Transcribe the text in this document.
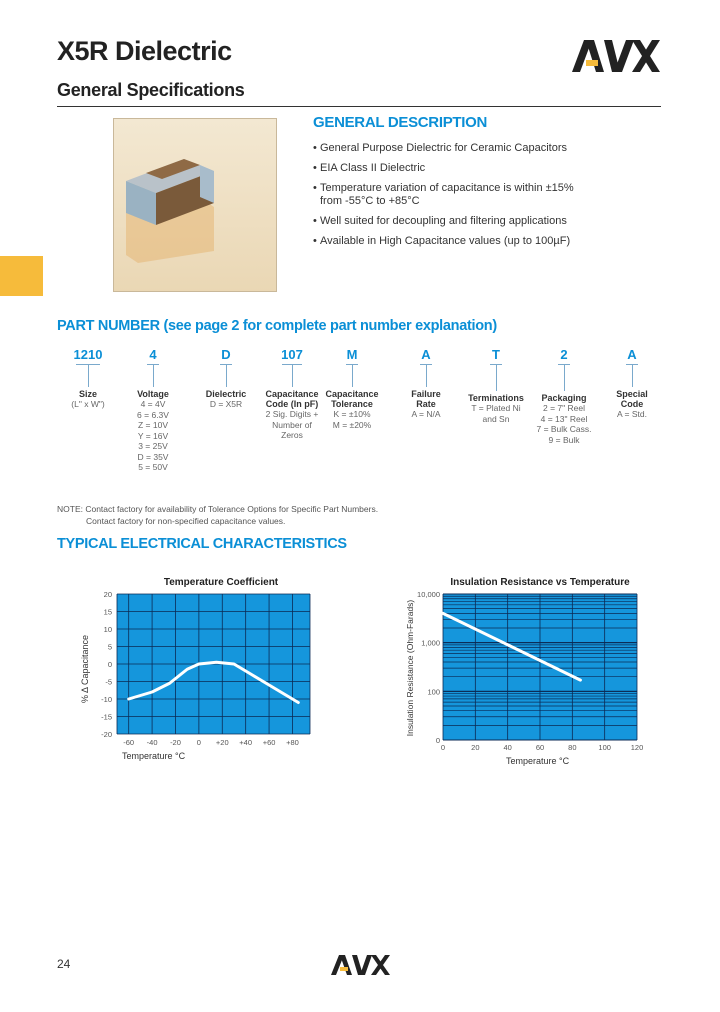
X5R Dielectric
General Specifications
GENERAL DESCRIPTION
• General Purpose Dielectric for Ceramic Capacitors
• EIA Class II Dielectric
• Temperature variation of capacitance is within ±15%
from -55°C to +85°C
• Well suited for decoupling and filtering applications
• Available in High Capacitance values (up to 100µF)
PART NUMBER (see page 2 for complete part number explanation)
1210
Size
(L" x W")
4
Voltage
4 = 4V
6 = 6.3V
Z = 10V
Y = 16V
3 = 25V
D = 35V
5 = 50V
D
Dielectric
D = X5R
107
Capacitance
Code (In pF)
2 Sig. Digits +
Number of
Zeros
M
Capacitance
Tolerance
K = ±10%
M = ±20%
A
Failure
Rate
A = N/A
T
Terminations
T = Plated Ni
and Sn
2
Packaging
2 = 7" Reel
4 = 13" Reel
7 = Bulk Cass.
9 = Bulk
A
Special
Code
A = Std.
NOTE: Contact factory for availability of Tolerance Options for Specific Part Numbers.
Contact factory for non-specified capacitance values.
TYPICAL ELECTRICAL CHARACTERISTICS
Temperature Coefficient
20
15
10
5
0
-5
-10
-15
-20
-60 -40 -20 0 +20 +40 +60 +80
10,000
1,000
100
0
0	20	40	60	80	100	120
Temperature °C
% Δ Capacitance
Insulation Resistance vs Temperature
Temperature °C
Insulation Resistance (Ohm-Farads)
24
